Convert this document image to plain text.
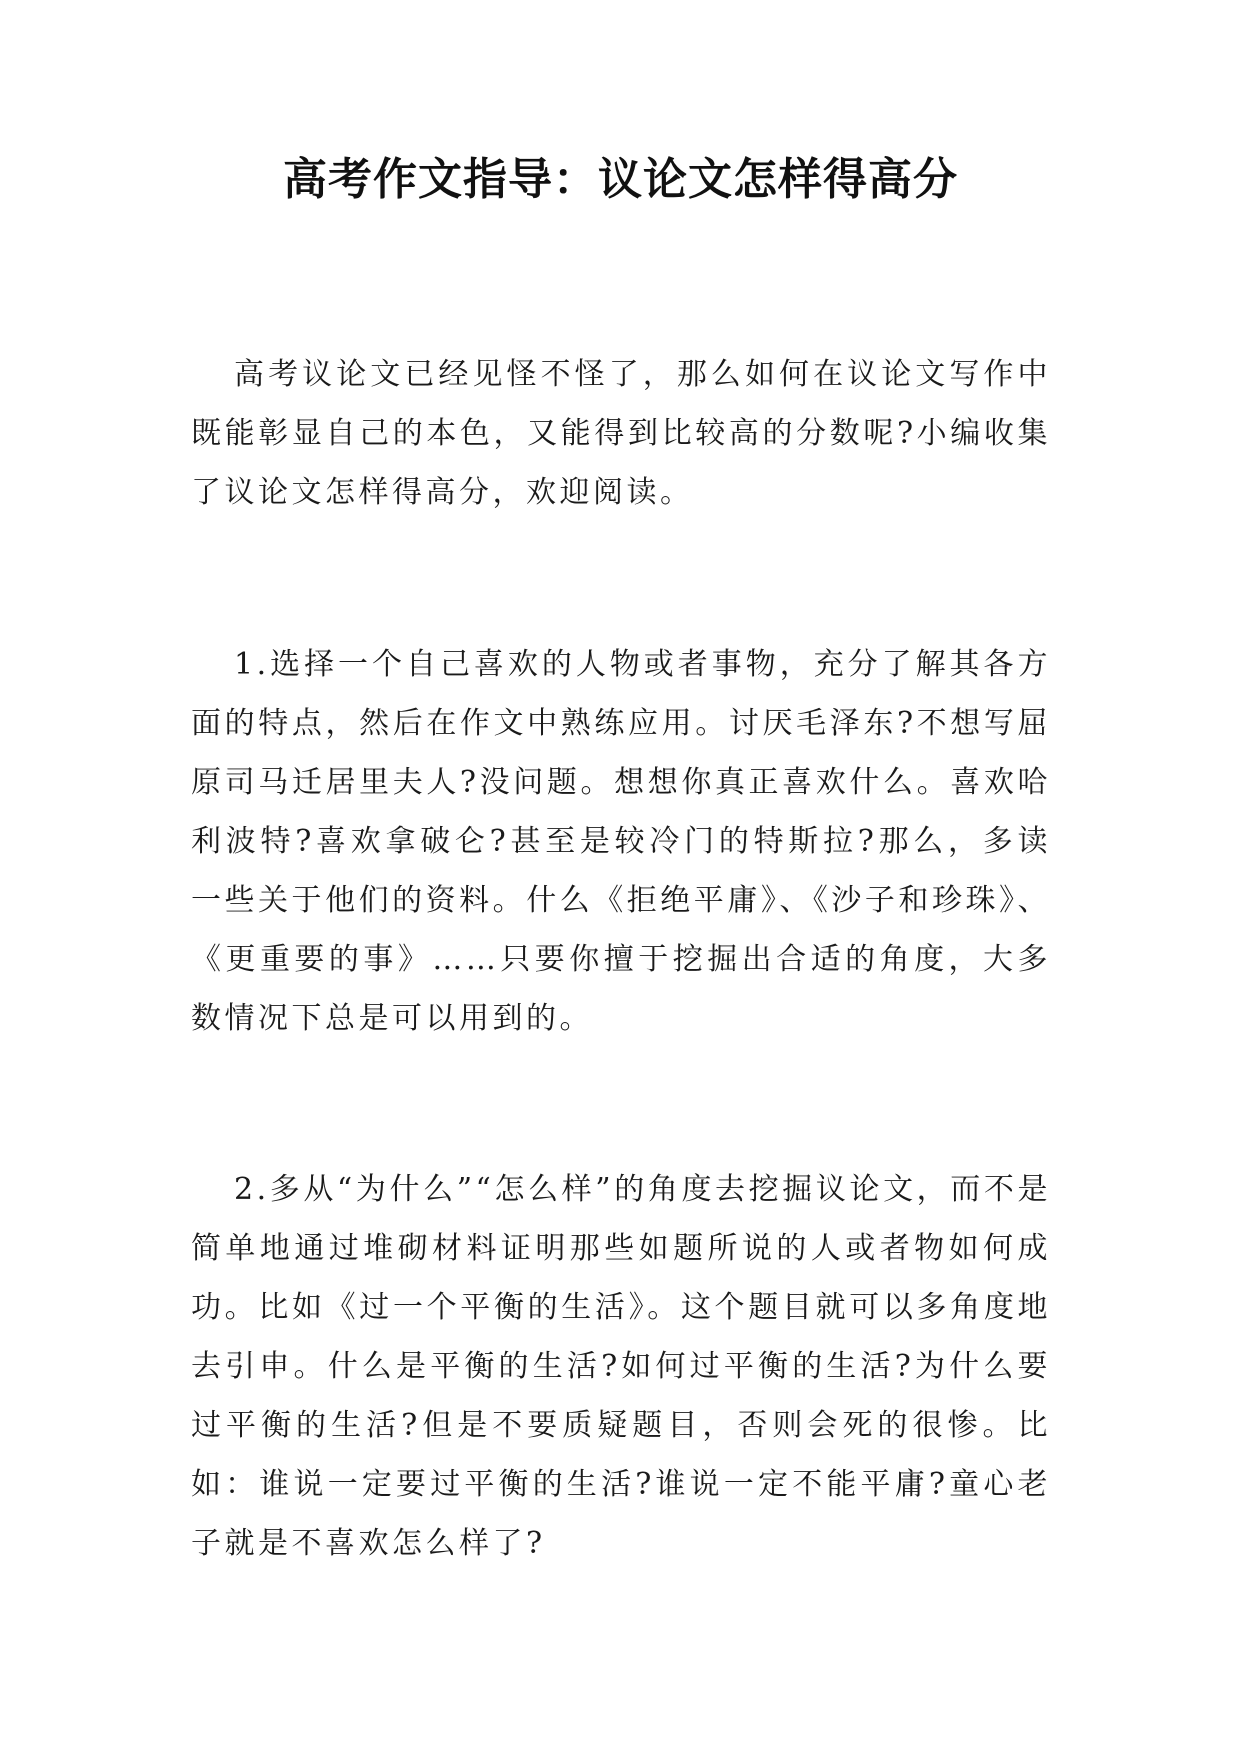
高考作文指导：议论文怎样得高分

高考议论文已经见怪不怪了，那么如何在议论文写作中既能彰显自己的本色，又能得到比较高的分数呢?小编收集了议论文怎样得高分，欢迎阅读。

1.选择一个自己喜欢的人物或者事物，充分了解其各方面的特点，然后在作文中熟练应用。讨厌毛泽东?不想写屈原司马迁居里夫人?没问题。想想你真正喜欢什么。喜欢哈利波特?喜欢拿破仑?甚至是较冷门的特斯拉?那么，多读一些关于他们的资料。什么《拒绝平庸》、《沙子和珍珠》、《更重要的事》……只要你擅于挖掘出合适的角度，大多数情况下总是可以用到的。

2.多从“为什么”“怎么样”的角度去挖掘议论文，而不是简单地通过堆砌材料证明那些如题所说的人或者物如何成功。比如《过一个平衡的生活》。这个题目就可以多角度地去引申。什么是平衡的生活?如何过平衡的生活?为什么要过平衡的生活?但是不要质疑题目，否则会死的很惨。比如：谁说一定要过平衡的生活?谁说一定不能平庸?童心老子就是不喜欢怎么样了?
